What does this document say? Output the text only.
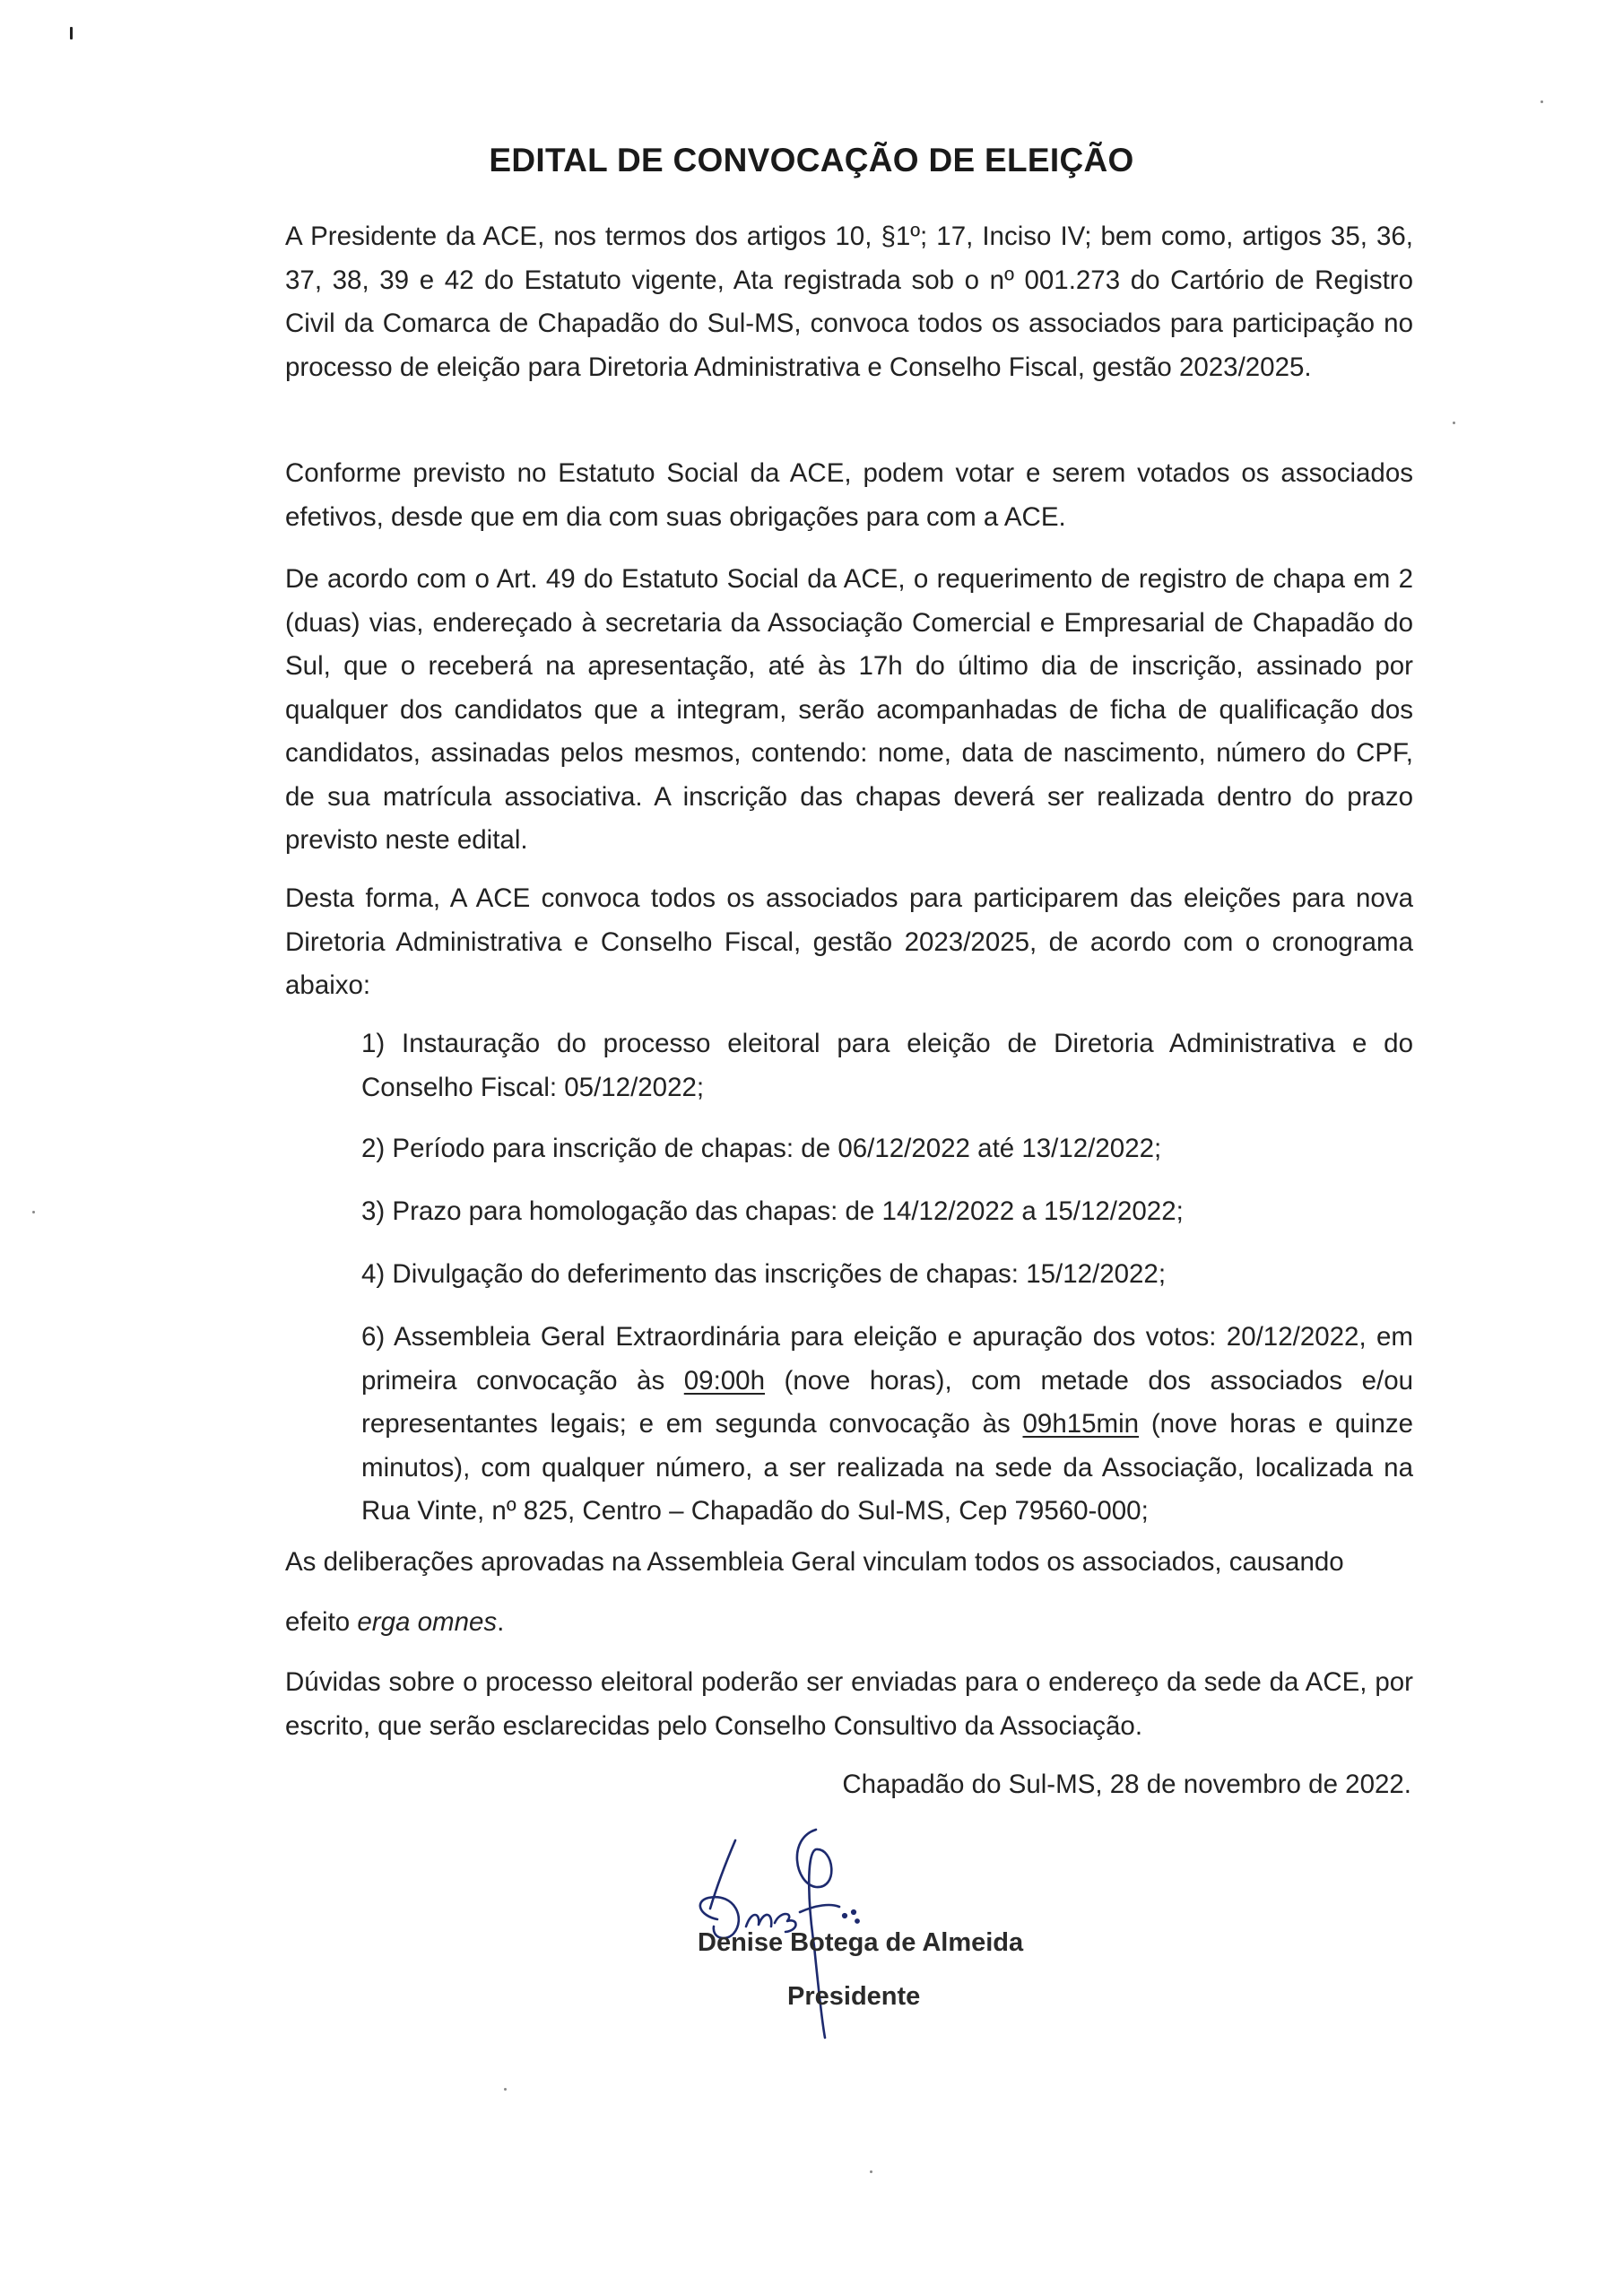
EDITAL DE CONVOCAÇÃO DE ELEIÇÃO
A Presidente da ACE, nos termos dos artigos 10, §1º; 17, Inciso IV; bem como, artigos 35, 36, 37, 38, 39 e 42 do Estatuto vigente, Ata registrada sob o nº 001.273 do Cartório de Registro Civil da Comarca de Chapadão do Sul-MS, convoca todos os associados para participação no processo de eleição para Diretoria Administrativa e Conselho Fiscal, gestão 2023/2025.
Conforme previsto no Estatuto Social da ACE, podem votar e serem votados os associados efetivos, desde que em dia com suas obrigações para com a ACE.
De acordo com o Art. 49 do Estatuto Social da ACE, o requerimento de registro de chapa em 2 (duas) vias, endereçado à secretaria da Associação Comercial e Empresarial de Chapadão do Sul, que o receberá na apresentação, até às 17h do último dia de inscrição, assinado por qualquer dos candidatos que a integram, serão acompanhadas de ficha de qualificação dos candidatos, assinadas pelos mesmos, contendo: nome, data de nascimento, número do CPF, de sua matrícula associativa. A inscrição das chapas deverá ser realizada dentro do prazo previsto neste edital.
Desta forma, A ACE convoca todos os associados para participarem das eleições para nova Diretoria Administrativa e Conselho Fiscal, gestão 2023/2025, de acordo com o cronograma abaixo:
1) Instauração do processo eleitoral para eleição de Diretoria Administrativa e do Conselho Fiscal: 05/12/2022;
2) Período para inscrição de chapas: de 06/12/2022 até 13/12/2022;
3) Prazo para homologação das chapas: de 14/12/2022 a 15/12/2022;
4) Divulgação do deferimento das inscrições de chapas: 15/12/2022;
6) Assembleia Geral Extraordinária para eleição e apuração dos votos: 20/12/2022, em primeira convocação às 09:00h (nove horas), com metade dos associados e/ou representantes legais; e em segunda convocação às 09h15min (nove horas e quinze minutos), com qualquer número, a ser realizada na sede da Associação, localizada na Rua Vinte, nº 825, Centro – Chapadão do Sul-MS, Cep 79560-000;
As deliberações aprovadas na Assembleia Geral vinculam todos os associados, causando
efeito erga omnes.
Dúvidas sobre o processo eleitoral poderão ser enviadas para o endereço da sede da ACE, por escrito, que serão esclarecidas pelo Conselho Consultivo da Associação.
Chapadão do Sul-MS, 28 de novembro de 2022.
Denise Botega de Almeida
Presidente
